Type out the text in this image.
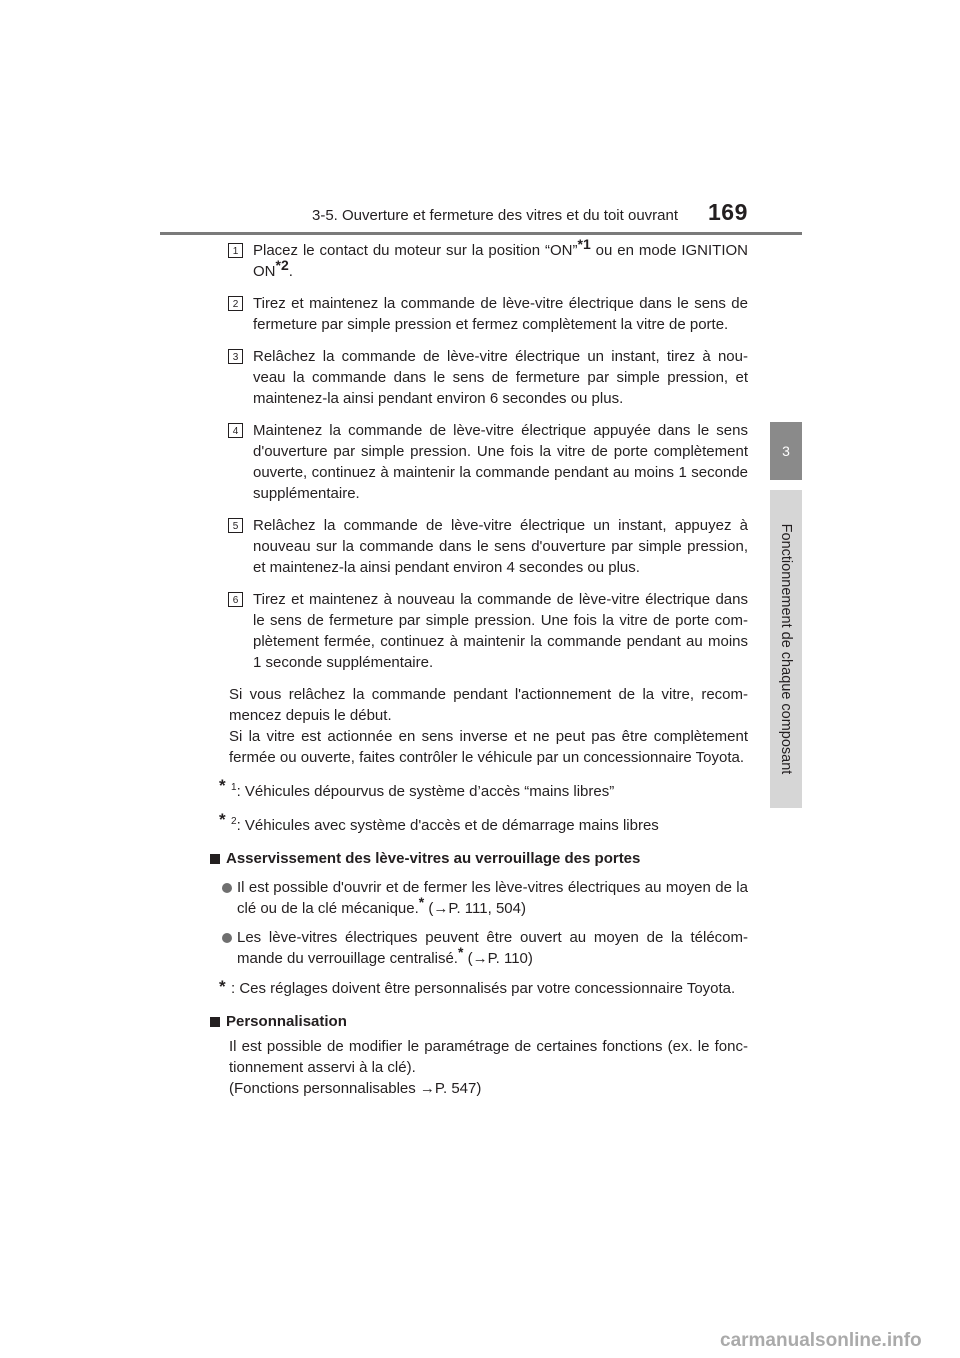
3-5. Ouverture et fermeture des vitres et du toit ouvrant 169
3
Fonctionnement de chaque composant
1 Placez le contact du moteur sur la position “ON”*1 ou en mode IGNITION ON*2.
2 Tirez et maintenez la commande de lève-vitre électrique dans le sens de fermeture par simple pression et fermez complètement la vitre de porte.
3 Relâchez la commande de lève-vitre électrique un instant, tirez à nou-veau la commande dans le sens de fermeture par simple pression, et maintenez-la ainsi pendant environ 6 secondes ou plus.
4 Maintenez la commande de lève-vitre électrique appuyée dans le sens d'ouverture par simple pression. Une fois la vitre de porte complètement ouverte, continuez à maintenir la commande pendant au moins 1 seconde supplémentaire.
5 Relâchez la commande de lève-vitre électrique un instant, appuyez à nouveau sur la commande dans le sens d'ouverture par simple pression, et maintenez-la ainsi pendant environ 4 secondes ou plus.
6 Tirez et maintenez à nouveau la commande de lève-vitre électrique dans le sens de fermeture par simple pression. Une fois la vitre de porte com-plètement fermée, continuez à maintenir la commande pendant au moins 1 seconde supplémentaire.
Si vous relâchez la commande pendant l'actionnement de la vitre, recom-mencez depuis le début.
Si la vitre est actionnée en sens inverse et ne peut pas être complètement fermée ou ouverte, faites contrôler le véhicule par un concessionnaire Toyota.
* $^1$: Véhicules dépourvus de système d’accès “mains libres”
* $^2$: Véhicules avec système d'accès et de démarrage mains libres
Asservissement des lève-vitres au verrouillage des portes
Il est possible d'ouvrir et de fermer les lève-vitres électriques au moyen de la clé ou de la clé mécanique.* (→P. 111, 504)
Les lève-vitres électriques peuvent être ouvert au moyen de la télécom-mande du verrouillage centralisé.* (→P. 110)
* : Ces réglages doivent être personnalisés par votre concessionnaire Toyota.
Personnalisation
Il est possible de modifier le paramétrage de certaines fonctions (ex. le fonc-tionnement asservi à la clé).
(Fonctions personnalisables →P. 547)
carmanualsonline.info
